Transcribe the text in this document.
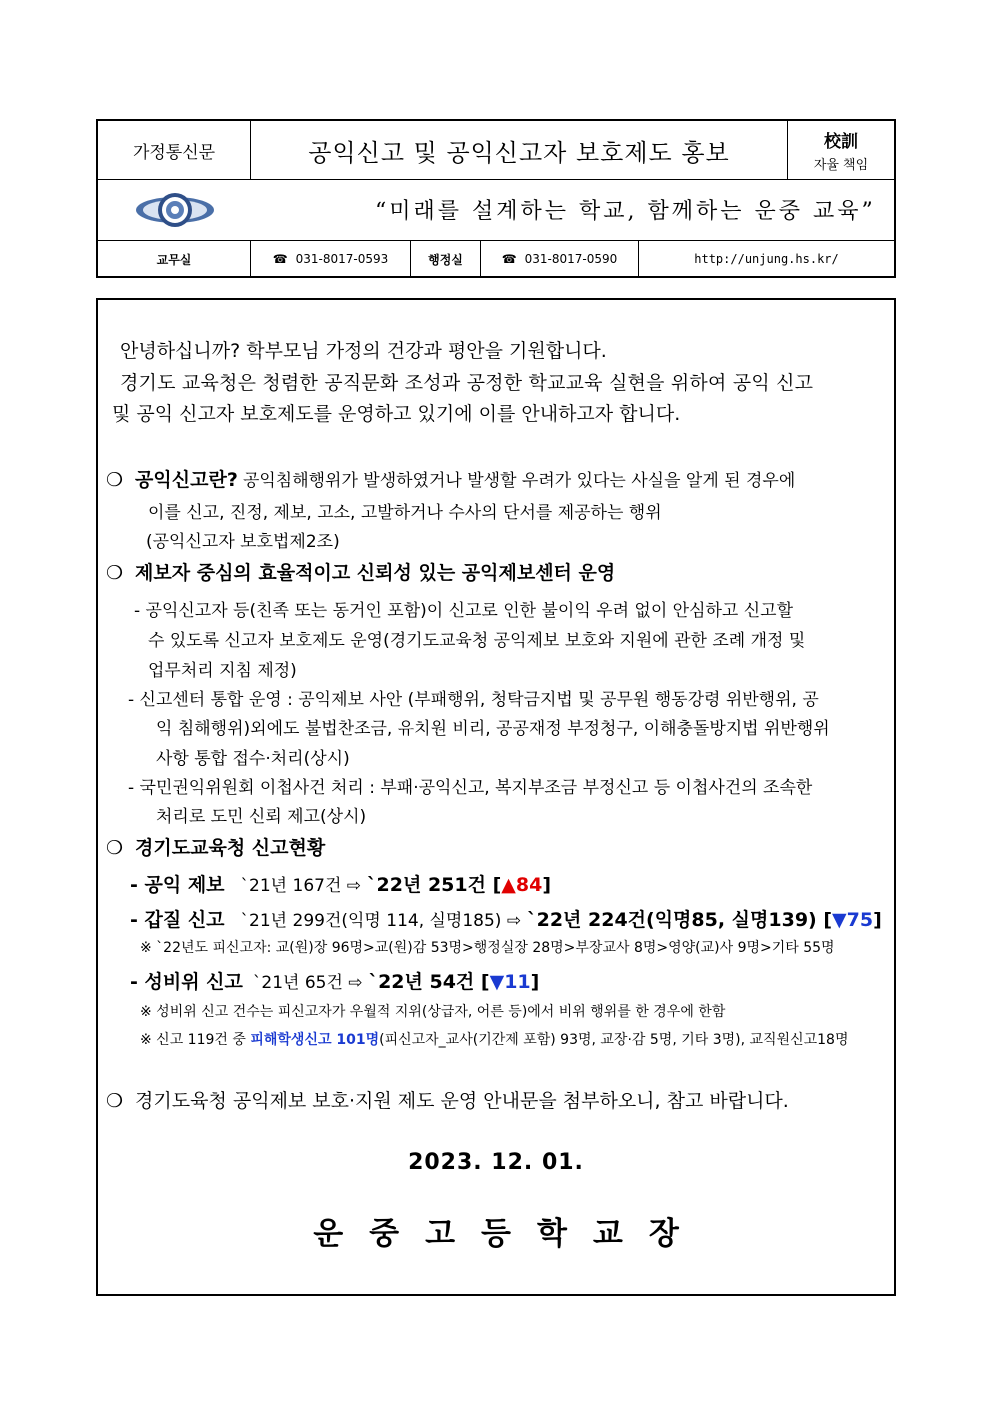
가정통신문	공익신고 및 공익신고자 보호제도 홍보	校訓
자율 책임
“미래를 설계하는 학교, 함께하는 운중 교육”
교무실	☎ 031-8017-0593	행정실	☎ 031-8017-0590	http://unjung.hs.kr/
안녕하십니까? 학부모님 가정의 건강과 평안을 기원합니다.
경기도 교육청은 청렴한 공직문화 조성과 공정한 학교교육 실현을 위하여 공익 신고
및 공익 신고자 보호제도를 운영하고 있기에 이를 안내하고자 합니다.
❍ 공익신고란? 공익침해행위가 발생하였거나 발생할 우려가 있다는 사실을 알게 된 경우에
이를 신고, 진정, 제보, 고소, 고발하거나 수사의 단서를 제공하는 행위
(공익신고자 보호법제2조)
❍ 제보자 중심의 효율적이고 신뢰성 있는 공익제보센터 운영
- 공익신고자 등(친족 또는 동거인 포함)이 신고로 인한 불이익 우려 없이 안심하고 신고할
수 있도록 신고자 보호제도 운영(경기도교육청 공익제보 보호와 지원에 관한 조례 개정 및
업무처리 지침 제정)
- 신고센터 통합 운영 : 공익제보 사안 (부패행위, 청탁금지법 및 공무원 행동강령 위반행위, 공
익 침해행위)외에도 불법찬조금, 유치원 비리, 공공재정 부정청구, 이해충돌방지법 위반행위
사항 통합 접수·처리(상시)
- 국민권익위원회 이첩사건 처리 : 부패·공익신고, 복지부조금 부정신고 등 이첩사건의 조속한
처리로 도민 신뢰 제고(상시)
❍ 경기도교육청 신고현황
- 공익 제보 `21년 167건 ⇨ `22년 251건 [▲84]
- 갑질 신고 `21년 299건(익명 114, 실명185) ⇨ `22년 224건(익명85, 실명139) [▼75]
※ `22년도 피신고자: 교(원)장 96명>교(원)감 53명>행정실장 28명>부장교사 8명>영양(교)사 9명>기타 55명
- 성비위 신고 `21년 65건 ⇨ `22년 54건 [▼11]
※ 성비위 신고 건수는 피신고자가 우월적 지위(상급자, 어른 등)에서 비위 행위를 한 경우에 한함
※ 신고 119건 중 피해학생신고 101명(피신고자_교사(기간제 포함) 93명, 교장·감 5명, 기타 3명), 교직원신고18명
❍ 경기도육청 공익제보 보호·지원 제도 운영 안내문을 첨부하오니, 참고 바랍니다.
2023. 12. 01.
운중고등학교장
